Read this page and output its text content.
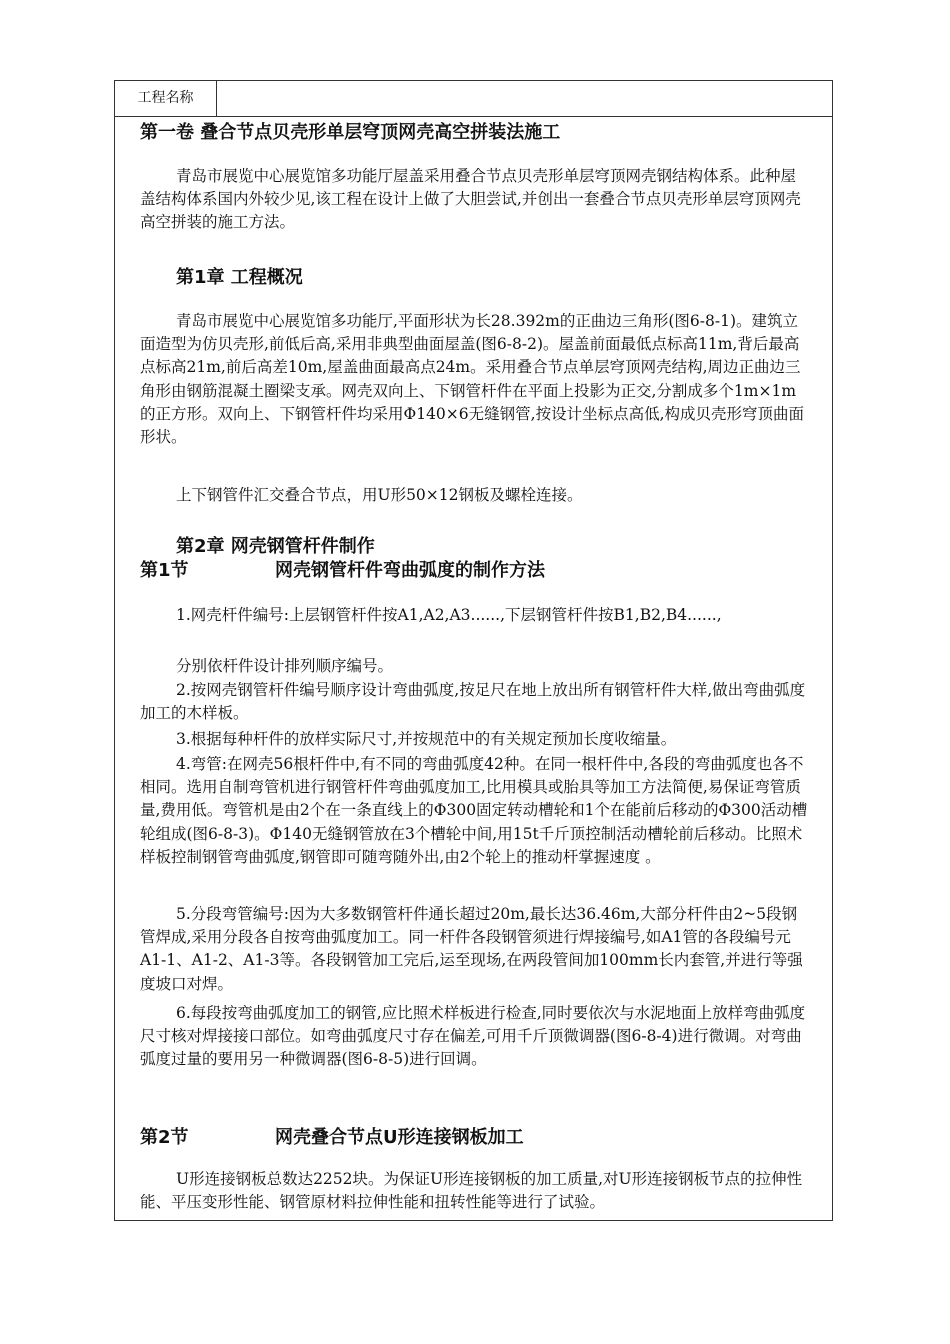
工程名称
第一卷 叠合节点贝壳形单层穹顶网壳高空拼装法施工

青岛市展览中心展览馆多功能厅屋盖采用叠合节点贝壳形单层穹顶网壳钢结构体系。此种屋盖结构体系国内外较少见,该工程在设计上做了大胆尝试,并创出一套叠合节点贝壳形单层穹顶网壳高空拼装的施工方法。

第1章 工程概况

青岛市展览中心展览馆多功能厅,平面形状为长28.392m的正曲边三角形(图6-8-1)。建筑立面造型为仿贝壳形,前低后高,采用非典型曲面屋盖(图6-8-2)。屋盖前面最低点标高11m,背后最高点标高21m,前后高差10m,屋盖曲面最高点24m。采用叠合节点单层穹顶网壳结构,周边正曲边三角形由钢筋混凝土圈梁支承。网壳双向上、下钢管杆件在平面上投影为正交,分割成多个1m×1m的正方形。双向上、下钢管杆件均采用Φ140×6无缝钢管,按设计坐标点高低,构成贝壳形穹顶曲面形状。

上下钢管件汇交叠合节点，用U形50×12钢板及螺栓连接。

第2章 网壳钢管杆件制作
第1节	网壳钢管杆件弯曲弧度的制作方法

1.网壳杆件编号:上层钢管杆件按A1,A2,A3......,下层钢管杆件按B1,B2,B4......,

分别依杆件设计排列顺序编号。

2.按网壳钢管杆件编号顺序设计弯曲弧度,按足尺在地上放出所有钢管杆件大样,做出弯曲弧度加工的木样板。

3.根据每种杆件的放样实际尺寸,并按规范中的有关规定预加长度收缩量。

4.弯管:在网壳56根杆件中,有不同的弯曲弧度42种。在同一根杆件中,各段的弯曲弧度也各不相同。选用自制弯管机进行钢管杆件弯曲弧度加工,比用模具或胎具等加工方法简便,易保证弯管质量,费用低。弯管机是由2个在一条直线上的Φ300固定转动槽轮和1个在能前后移动的Φ300活动槽轮组成(图6-8-3)。Φ140无缝钢管放在3个槽轮中间,用15t千斤顶控制活动槽轮前后移动。比照术样板控制钢管弯曲弧度,钢管即可随弯随外出,由2个轮上的推动杆掌握速度 。

5.分段弯管编号:因为大多数钢管杆件通长超过20m,最长达36.46m,大部分杆件由2~5段钢管焊成,采用分段各自按弯曲弧度加工。同一杆件各段钢管须进行焊接编号,如A1管的各段编号元A1-1、A1-2、A1-3等。各段钢管加工完后,运至现场,在两段管间加100mm长内套管,并进行等强度坡口对焊。

6.每段按弯曲弧度加工的钢管,应比照术样板进行检查,同时要依次与水泥地面上放样弯曲弧度尺寸核对焊接接口部位。如弯曲弧度尺寸存在偏差,可用千斤顶微调器(图6-8-4)进行微调。对弯曲弧度过量的要用另一种微调器(图6-8-5)进行回调。

第2节	网壳叠合节点U形连接钢板加工

U形连接钢板总数达2252块。为保证U形连接钢板的加工质量,对U形连接钢板节点的拉伸性能、平压变形性能、钢管原材料拉伸性能和扭转性能等进行了试验。
